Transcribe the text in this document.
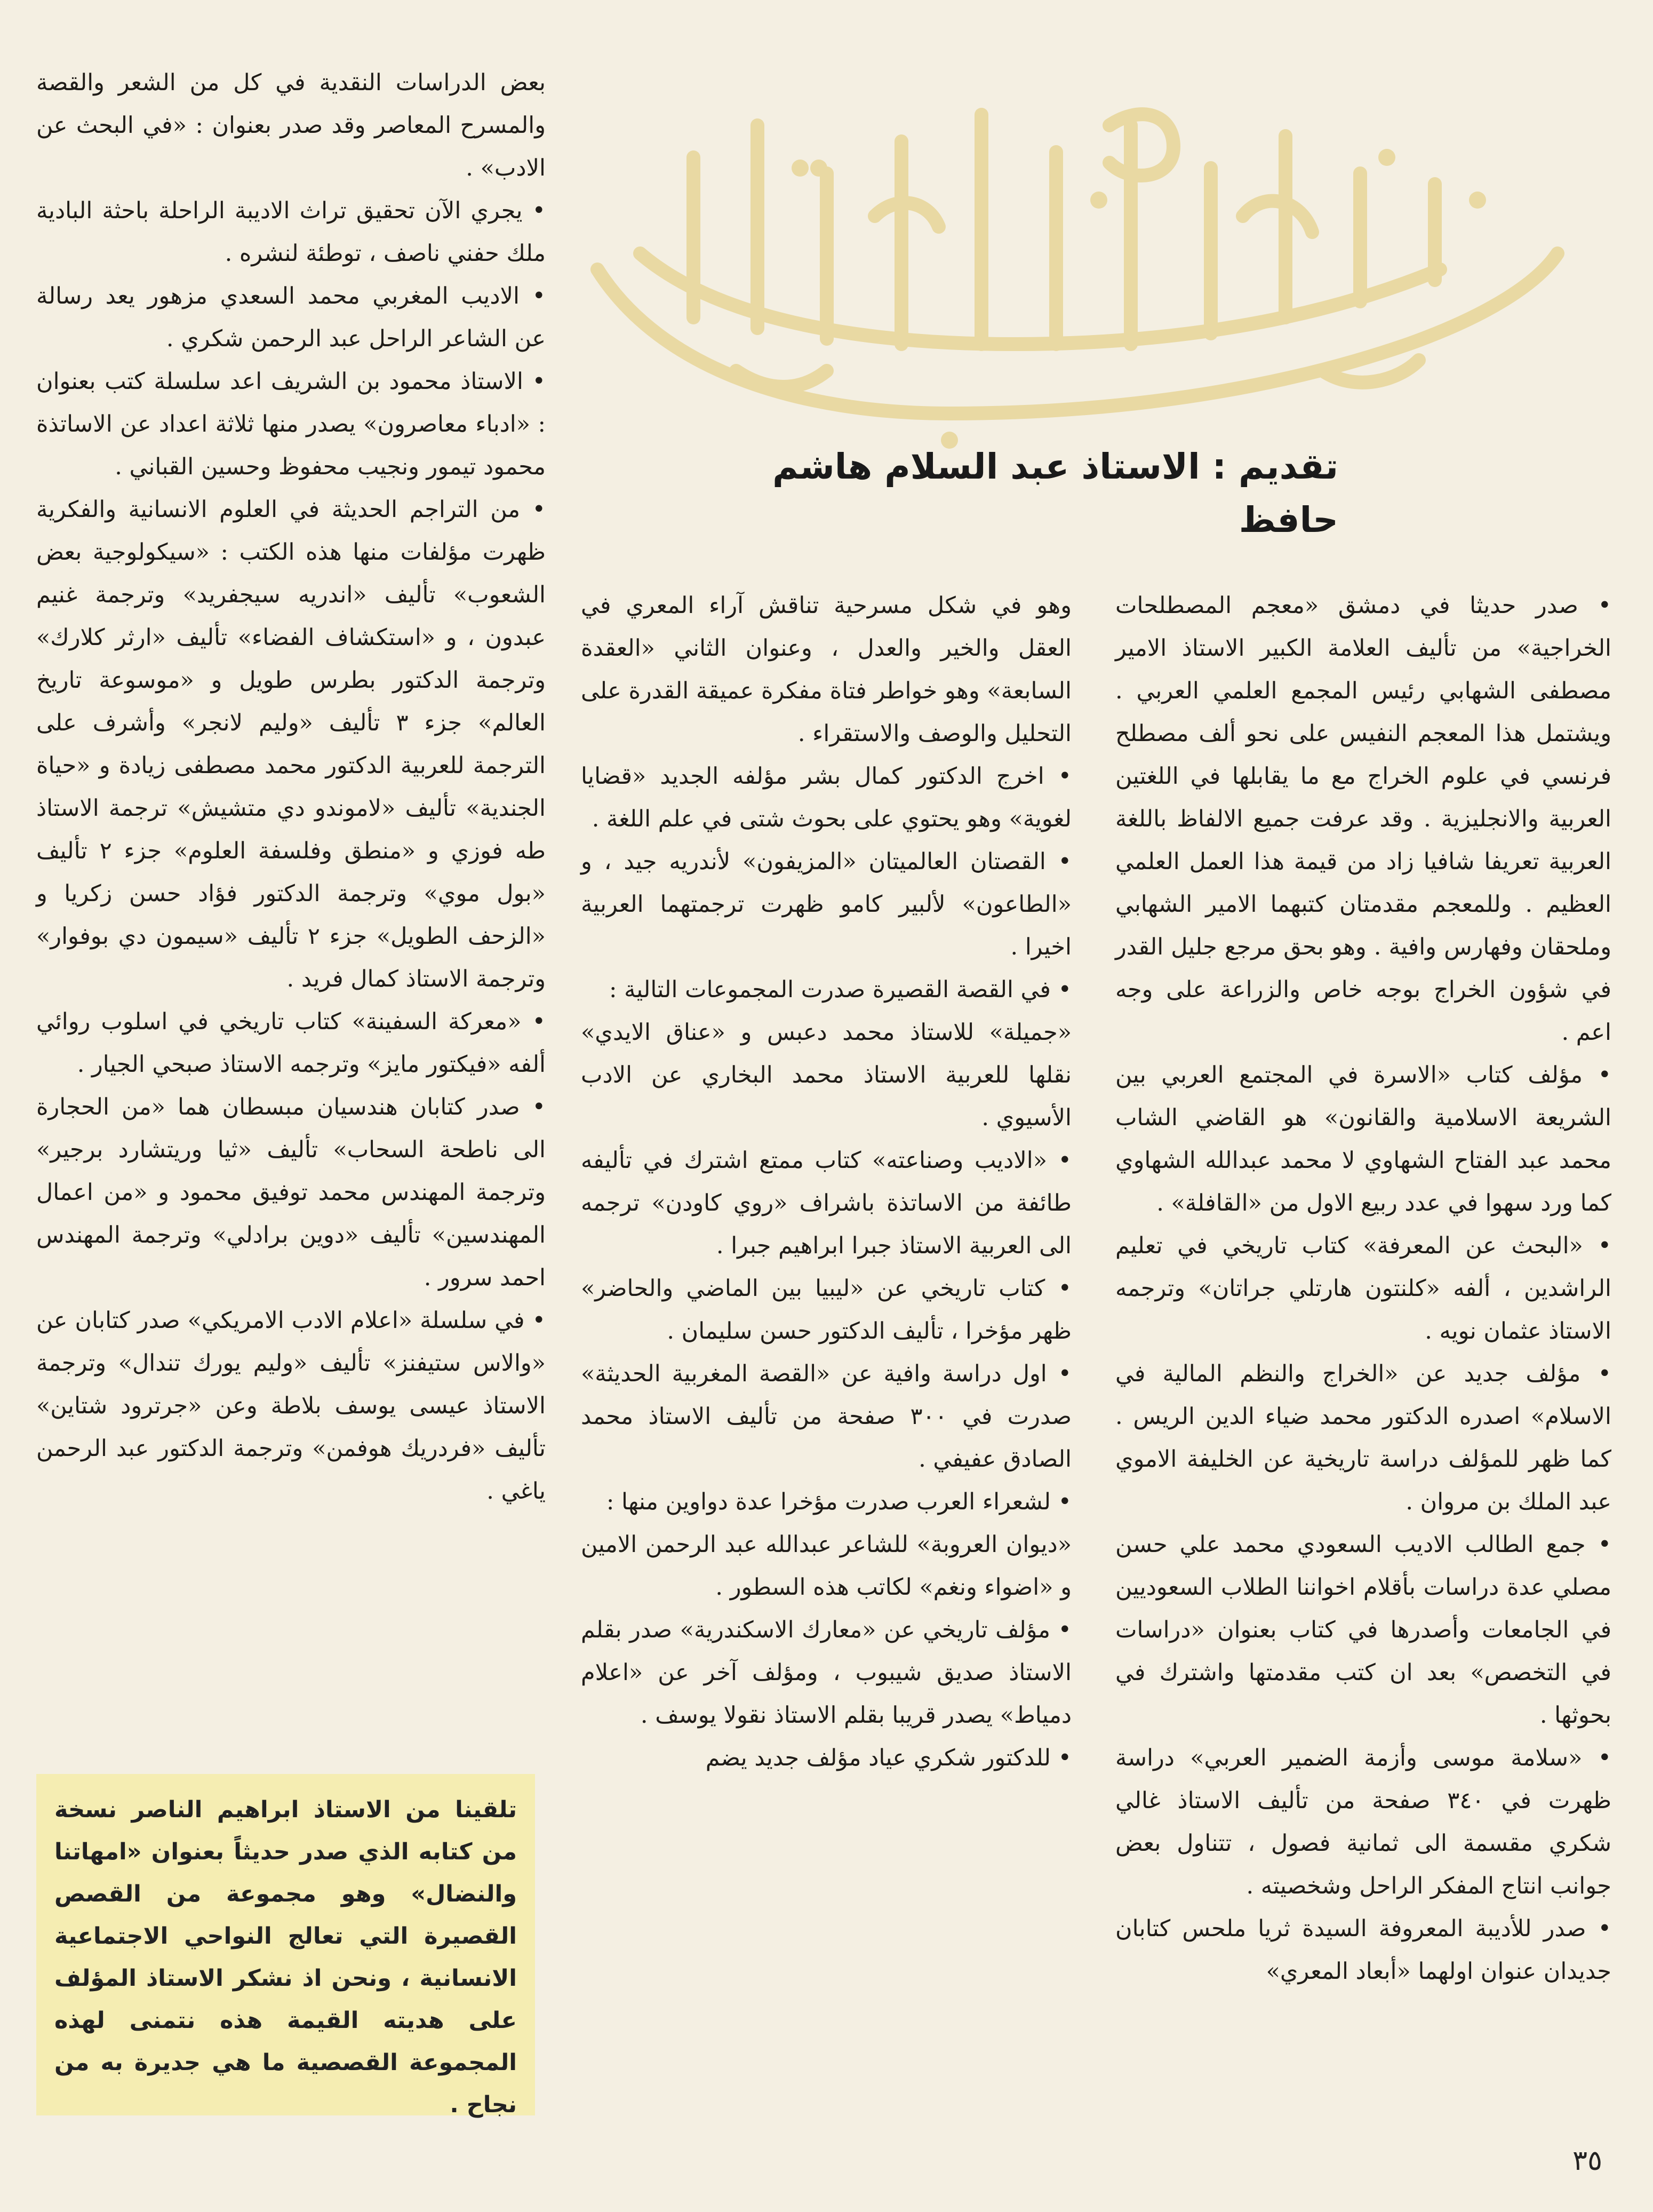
تقديم : الاستاذ عبد السلام هاشم حافظ

• صدر حديثا في دمشق «معجم المصطلحات الخراجية» من تأليف العلامة الكبير الاستاذ الامير مصطفى الشهابي رئيس المجمع العلمي العربي . ويشتمل هذا المعجم النفيس على نحو ألف مصطلح فرنسي في علوم الخراج مع ما يقابلها في اللغتين العربية والانجليزية . وقد عرفت جميع الالفاظ باللغة العربية تعريفا شافيا زاد من قيمة هذا العمل العلمي العظيم . وللمعجم مقدمتان كتبهما الامير الشهابي وملحقان وفهارس وافية . وهو بحق مرجع جليل القدر في شؤون الخراج بوجه خاص والزراعة على وجه اعم .

• مؤلف كتاب «الاسرة في المجتمع العربي بين الشريعة الاسلامية والقانون» هو القاضي الشاب محمد عبد الفتاح الشهاوي لا محمد عبدالله الشهاوي كما ورد سهوا في عدد ربيع الاول من «القافلة» .

• «البحث عن المعرفة» كتاب تاريخي في تعليم الراشدين ، ألفه «كلنتون هارتلي جراتان» وترجمه الاستاذ عثمان نويه .

• مؤلف جديد عن «الخراج والنظم المالية في الاسلام» اصدره الدكتور محمد ضياء الدين الريس . كما ظهر للمؤلف دراسة تاريخية عن الخليفة الاموي عبد الملك بن مروان .

• جمع الطالب الاديب السعودي محمد علي حسن مصلي عدة دراسات بأقلام اخواننا الطلاب السعوديين في الجامعات وأصدرها في كتاب بعنوان «دراسات في التخصص» بعد ان كتب مقدمتها واشترك في بحوثها .

• «سلامة موسى وأزمة الضمير العربي» دراسة ظهرت في ٣٤٠ صفحة من تأليف الاستاذ غالي شكري مقسمة الى ثمانية فصول ، تتناول بعض جوانب انتاج المفكر الراحل وشخصيته .

• صدر للأديبة المعروفة السيدة ثريا ملحس كتابان جديدان عنوان اولهما «أبعاد المعري»

وهو في شكل مسرحية تناقش آراء المعري في العقل والخير والعدل ، وعنوان الثاني «العقدة السابعة» وهو خواطر فتاة مفكرة عميقة القدرة على التحليل والوصف والاستقراء .

• اخرج الدكتور كمال بشر مؤلفه الجديد «قضايا لغوية» وهو يحتوي على بحوث شتى في علم اللغة .

• القصتان العالميتان «المزيفون» لأندريه جيد ، و «الطاعون» لألبير كامو ظهرت ترجمتهما العربية اخيرا .

• في القصة القصيرة صدرت المجموعات التالية :

«جميلة» للاستاذ محمد دعبس و «عناق الايدي» نقلها للعربية الاستاذ محمد البخاري عن الادب الأسيوي .

• «الاديب وصناعته» كتاب ممتع اشترك في تأليفه طائفة من الاساتذة باشراف «روي كاودن» ترجمه الى العربية الاستاذ جبرا ابراهيم جبرا .

• كتاب تاريخي عن «ليبيا بين الماضي والحاضر» ظهر مؤخرا ، تأليف الدكتور حسن سليمان .

• اول دراسة وافية عن «القصة المغربية الحديثة» صدرت في ٣٠٠ صفحة من تأليف الاستاذ محمد الصادق عفيفي .

• لشعراء العرب صدرت مؤخرا عدة دواوين منها :

«ديوان العروبة» للشاعر عبدالله عبد الرحمن الامين و «اضواء ونغم» لكاتب هذه السطور .

• مؤلف تاريخي عن «معارك الاسكندرية» صدر بقلم الاستاذ صديق شيبوب ، ومؤلف آخر عن «اعلام دمياط» يصدر قريبا بقلم الاستاذ نقولا يوسف .

• للدكتور شكري عياد مؤلف جديد يضم

بعض الدراسات النقدية في كل من الشعر والقصة والمسرح المعاصر وقد صدر بعنوان : «في البحث عن الادب» .

• يجري الآن تحقيق تراث الاديبة الراحلة باحثة البادية ملك حفني ناصف ، توطئة لنشره .

• الاديب المغربي محمد السعدي مزهور يعد رسالة عن الشاعر الراحل عبد الرحمن شكري .

• الاستاذ محمود بن الشريف اعد سلسلة كتب بعنوان : «ادباء معاصرون» يصدر منها ثلاثة اعداد عن الاساتذة محمود تيمور ونجيب محفوظ وحسين القباني .

• من التراجم الحديثة في العلوم الانسانية والفكرية ظهرت مؤلفات منها هذه الكتب : «سيكولوجية بعض الشعوب» تأليف «اندريه سيجفريد» وترجمة غنيم عبدون ، و «استكشاف الفضاء» تأليف «ارثر كلارك» وترجمة الدكتور بطرس طويل و «موسوعة تاريخ العالم» جزء ٣ تأليف «وليم لانجر» وأشرف على الترجمة للعربية الدكتور محمد مصطفى زيادة و «حياة الجندية» تأليف «لاموندو دي متشيش» ترجمة الاستاذ طه فوزي و «منطق وفلسفة العلوم» جزء ٢ تأليف «بول موي» وترجمة الدكتور فؤاد حسن زكريا و «الزحف الطويل» جزء ٢ تأليف «سيمون دي بوفوار» وترجمة الاستاذ كمال فريد .

• «معركة السفينة» كتاب تاريخي في اسلوب روائي ألفه «فيكتور مايز» وترجمه الاستاذ صبحي الجيار .

• صدر كتابان هندسيان مبسطان هما «من الحجارة الى ناطحة السحاب» تأليف «ثيا وريتشارد برجير» وترجمة المهندس محمد توفيق محمود و «من اعمال المهندسين» تأليف «دوين برادلي» وترجمة المهندس احمد سرور .

• في سلسلة «اعلام الادب الامريكي» صدر كتابان عن «والاس ستيفنز» تأليف «وليم يورك تندال» وترجمة الاستاذ عيسى يوسف بلاطة وعن «جرترود شتاين» تأليف «فردريك هوفمن» وترجمة الدكتور عبد الرحمن ياغي .

تلقينا من الاستاذ ابراهيم الناصر نسخة من كتابه الذي صدر حديثاً بعنوان «امهاتنا والنضال» وهو مجموعة من القصص القصيرة التي تعالج النواحي الاجتماعية الانسانية ، ونحن اذ نشكر الاستاذ المؤلف على هديته القيمة هذه نتمنى لهذه المجموعة القصصية ما هي جديرة به من نجاح .
٣٥
